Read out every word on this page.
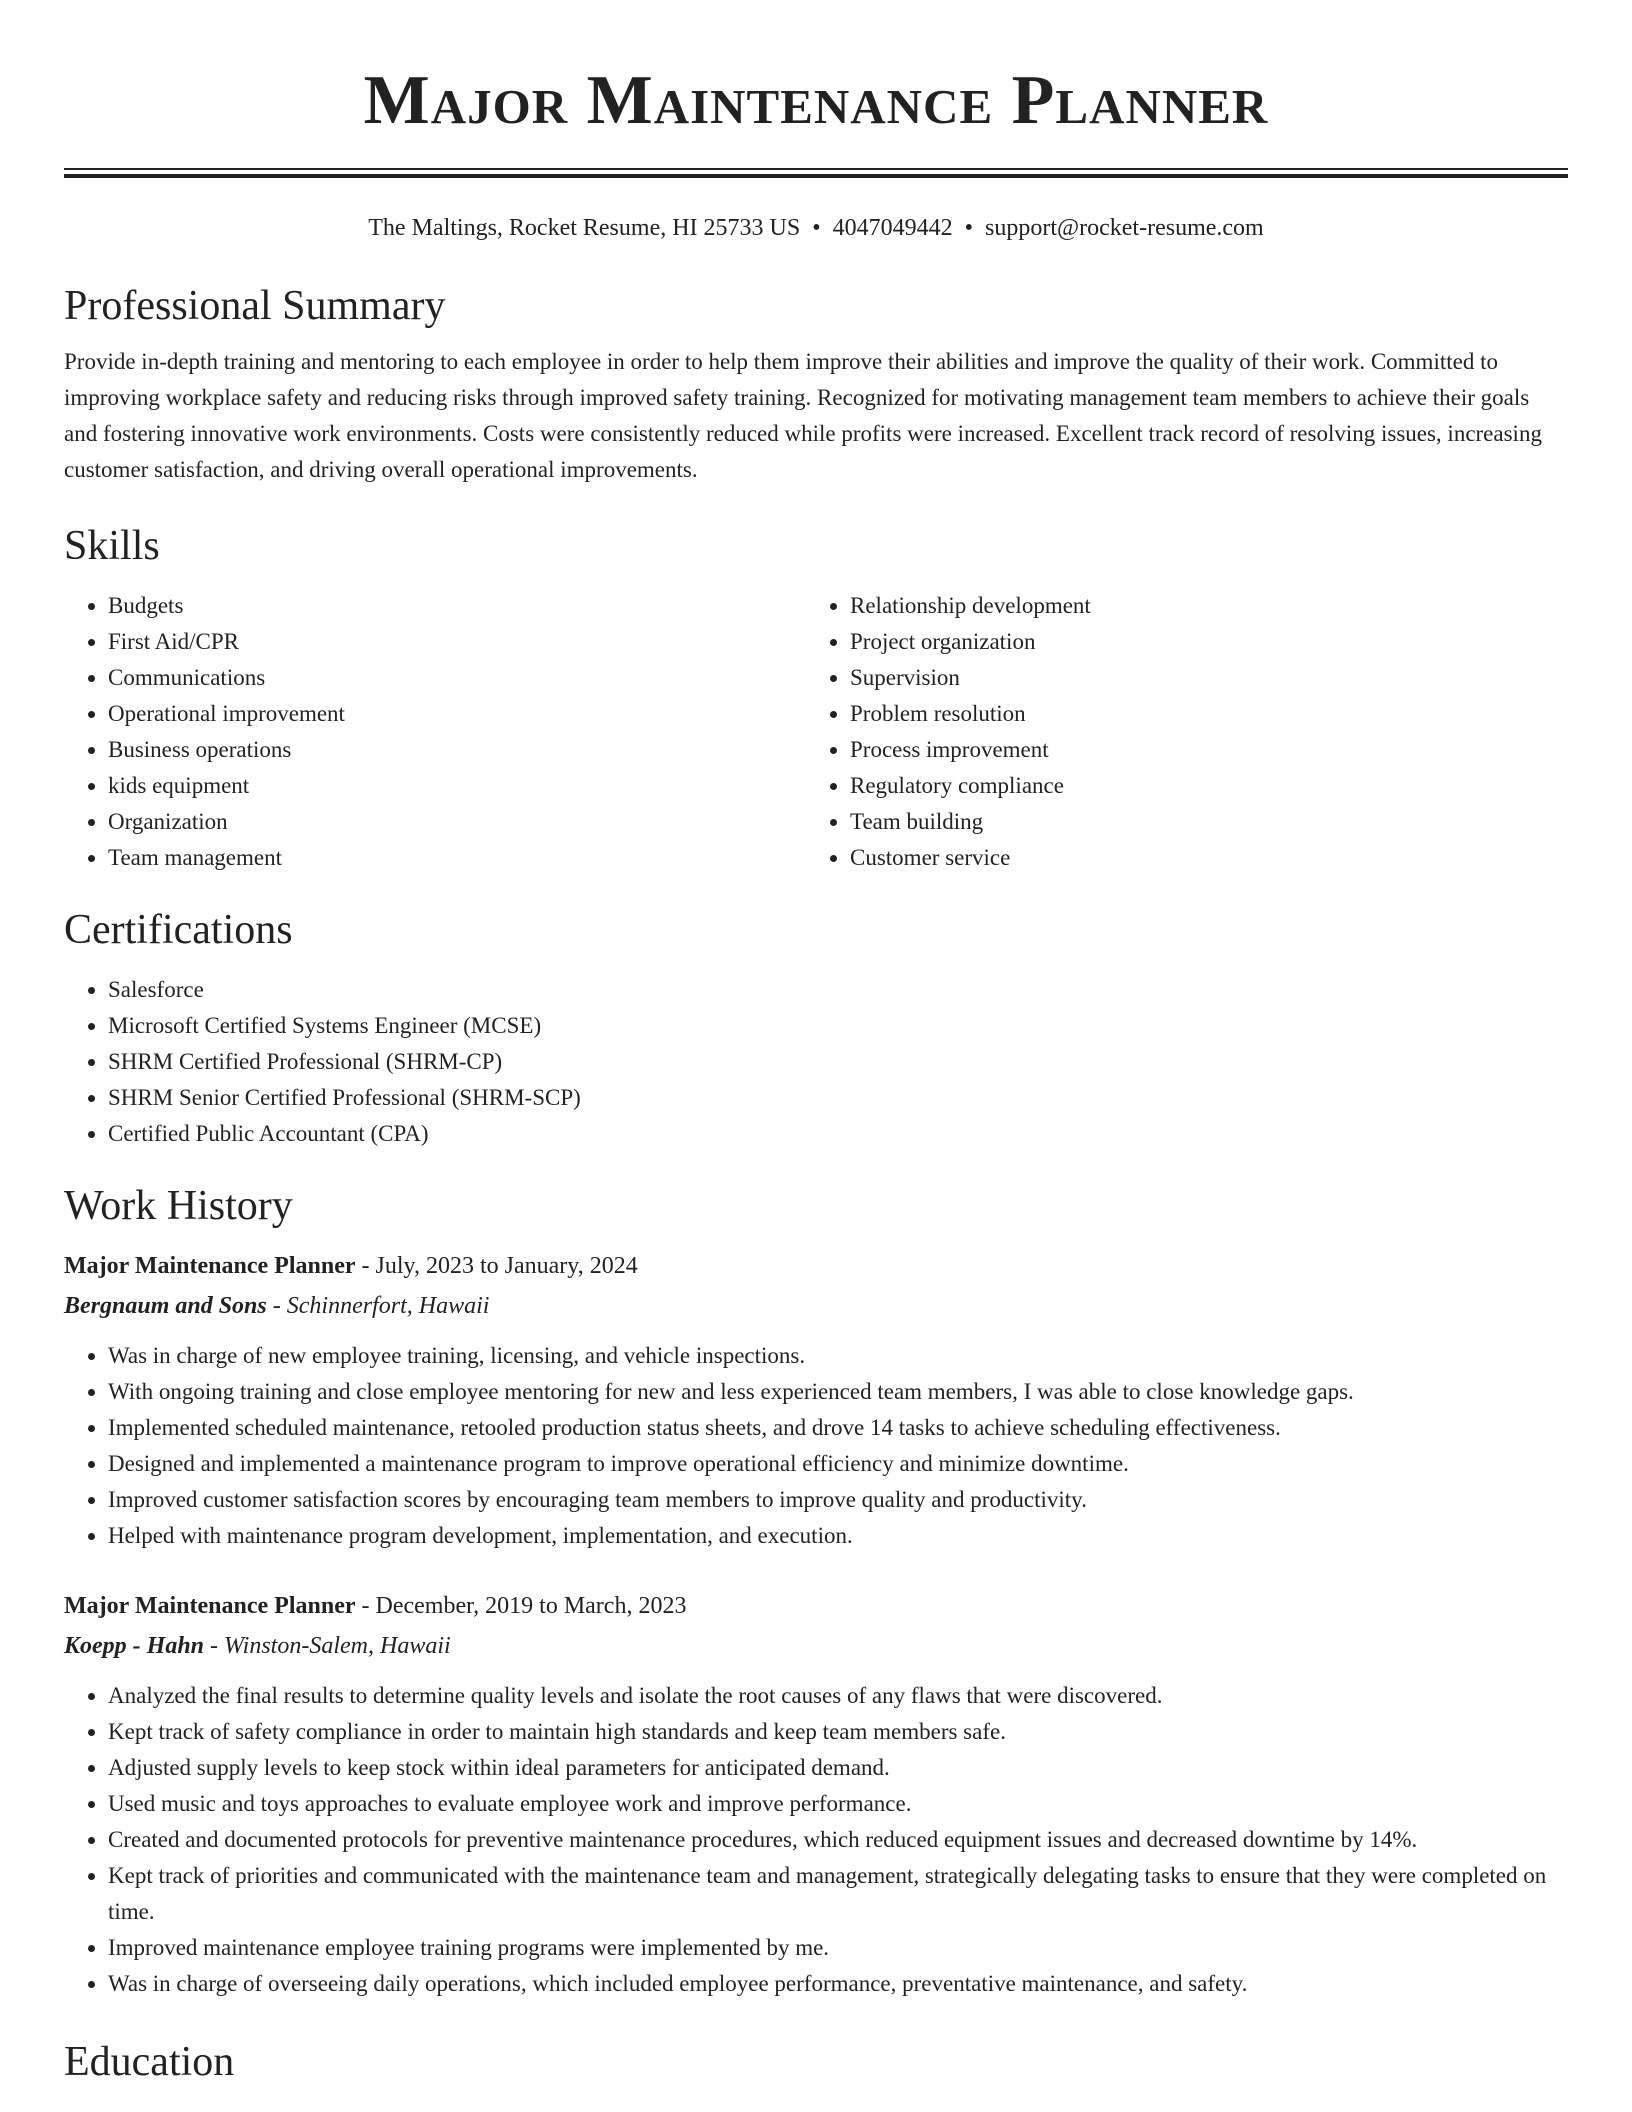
Major Maintenance Planner
The Maltings, Rocket Resume, HI 25733 US • 4047049442 • support@rocket-resume.com
Professional Summary

Provide in-depth training and mentoring to each employee in order to help them improve their abilities and improve the quality of their work. Committed to improving workplace safety and reducing risks through improved safety training. Recognized for motivating management team members to achieve their goals and fostering innovative work environments. Costs were consistently reduced while profits were increased. Excellent track record of resolving issues, increasing customer satisfaction, and driving overall operational improvements.

Skills
• Budgets
• First Aid/CPR
• Communications
• Operational improvement
• Business operations
• kids equipment
• Organization
• Team management
• Relationship development
• Project organization
• Supervision
• Problem resolution
• Process improvement
• Regulatory compliance
• Team building
• Customer service
Certifications
• Salesforce
• Microsoft Certified Systems Engineer (MCSE)
• SHRM Certified Professional (SHRM-CP)
• SHRM Senior Certified Professional (SHRM-SCP)
• Certified Public Accountant (CPA)
Work History
Major Maintenance Planner - July, 2023 to January, 2024
Bergnaum and Sons - Schinnerfort, Hawaii
• Was in charge of new employee training, licensing, and vehicle inspections.
• With ongoing training and close employee mentoring for new and less experienced team members, I was able to close knowledge gaps.
• Implemented scheduled maintenance, retooled production status sheets, and drove 14 tasks to achieve scheduling effectiveness.
• Designed and implemented a maintenance program to improve operational efficiency and minimize downtime.
• Improved customer satisfaction scores by encouraging team members to improve quality and productivity.
• Helped with maintenance program development, implementation, and execution.
Major Maintenance Planner - December, 2019 to March, 2023
Koepp - Hahn - Winston-Salem, Hawaii
• Analyzed the final results to determine quality levels and isolate the root causes of any flaws that were discovered.
• Kept track of safety compliance in order to maintain high standards and keep team members safe.
• Adjusted supply levels to keep stock within ideal parameters for anticipated demand.
• Used music and toys approaches to evaluate employee work and improve performance.
• Created and documented protocols for preventive maintenance procedures, which reduced equipment issues and decreased downtime by 14%.
• Kept track of priorities and communicated with the maintenance team and management, strategically delegating tasks to ensure that they were completed on time.
• Improved maintenance employee training programs were implemented by me.
• Was in charge of overseeing daily operations, which included employee performance, preventative maintenance, and safety.
Education
